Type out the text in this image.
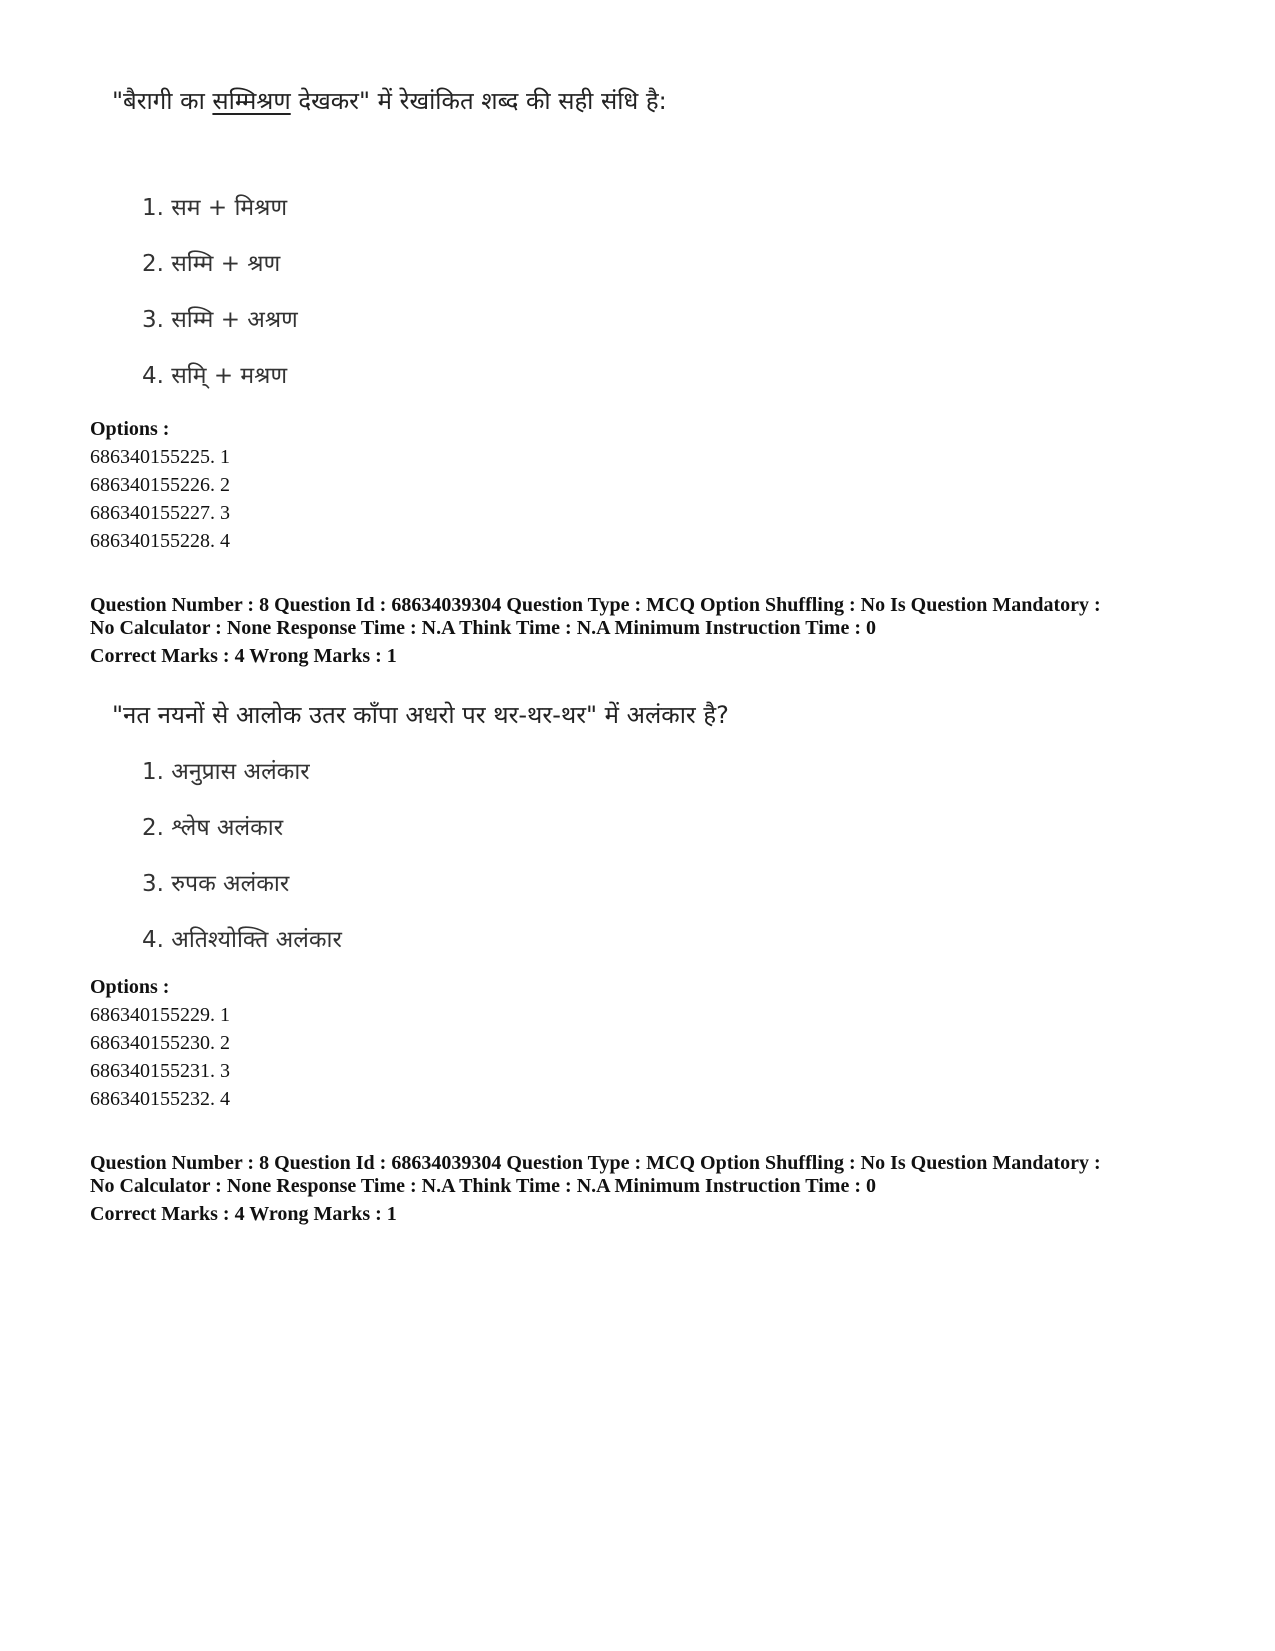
"बैरागी का सम्मिश्रण देखकर" में रेखांकित शब्द की सही संधि है:
1. सम + मिश्रण
2. सम्मि + श्रण
3. सम्मि + अश्रण
4. समि् + मश्रण
Options :
686340155225. 1
686340155226. 2
686340155227. 3
686340155228. 4
Question Number : 8 Question Id : 68634039304 Question Type : MCQ Option Shuffling : No Is Question Mandatory :
No Calculator : None Response Time : N.A Think Time : N.A Minimum Instruction Time : 0
Correct Marks : 4 Wrong Marks : 1
"नत नयनों से आलोक उतर काँपा अधरो पर थर-थर-थर" में अलंकार है?
1. अनुप्रास अलंकार
2. श्लेष अलंकार
3. रुपक अलंकार
4. अतिश्योक्ति अलंकार
Options :
686340155229. 1
686340155230. 2
686340155231. 3
686340155232. 4
Question Number : 8 Question Id : 68634039304 Question Type : MCQ Option Shuffling : No Is Question Mandatory :
No Calculator : None Response Time : N.A Think Time : N.A Minimum Instruction Time : 0
Correct Marks : 4 Wrong Marks : 1
